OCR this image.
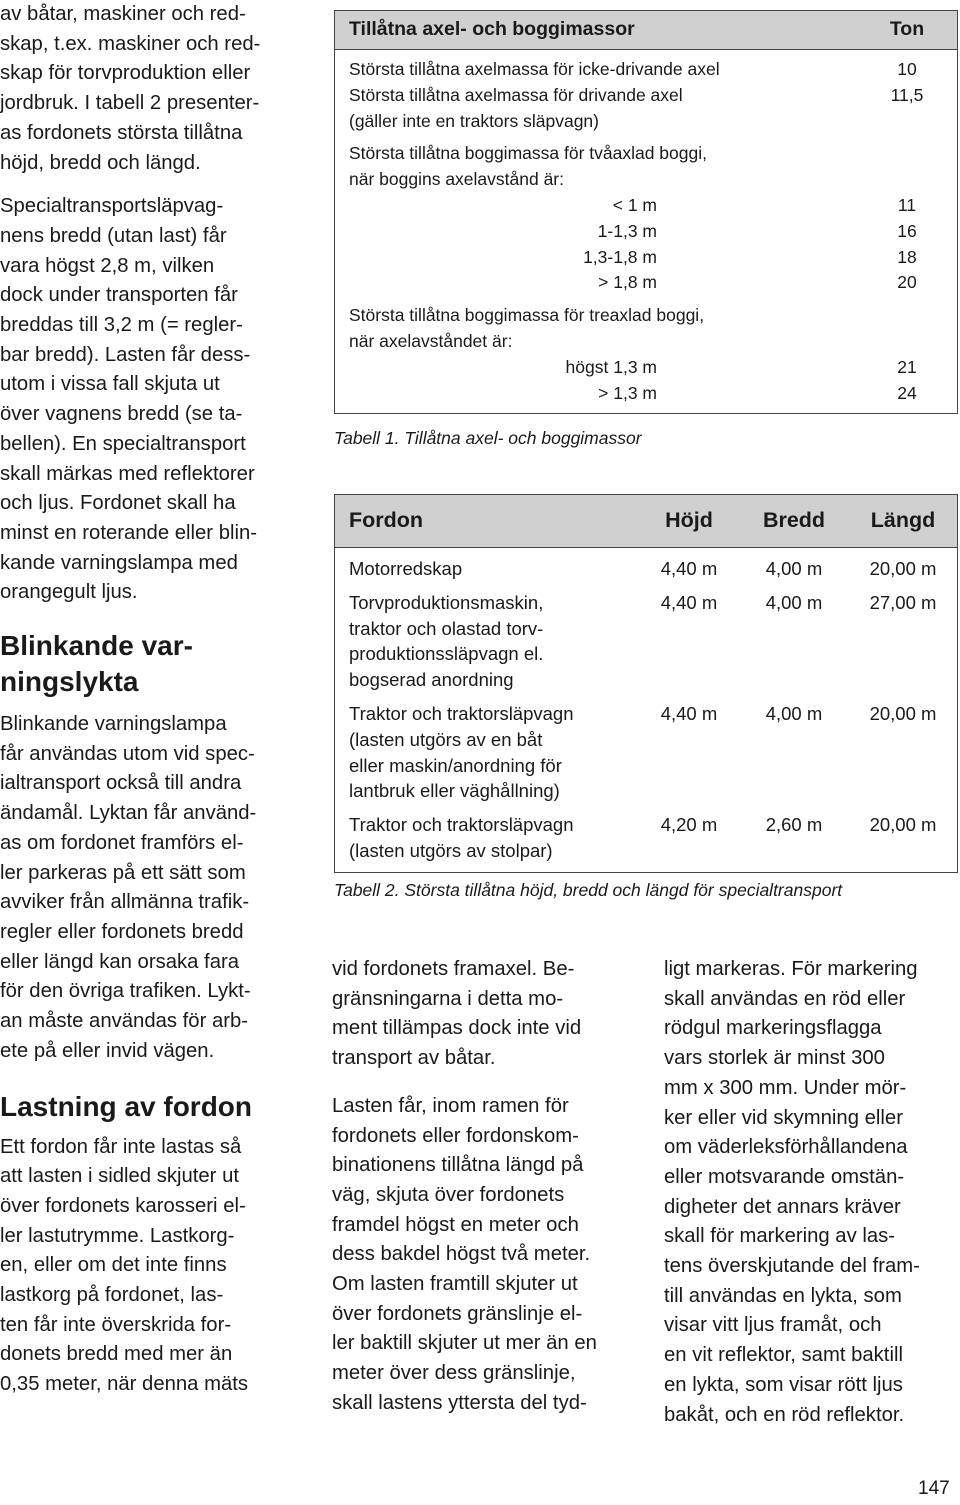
av båtar, maskiner och red-
skap, t.ex. maskiner och red-
skap för torvproduktion eller
jordbruk. I tabell 2 presenter-
as fordonets största tillåtna
höjd, bredd och längd.
Specialtransportsläpvag-
nens bredd (utan last) får
vara högst 2,8 m, vilken
dock under transporten får
breddas till 3,2 m (= regler-
bar bredd). Lasten får dess-
utom i vissa fall skjuta ut
över vagnens bredd (se ta-
bellen). En specialtransport
skall märkas med reflektorer
och ljus. Fordonet skall ha
minst en roterande eller blin-
kande varningslampa med
orangegult ljus.
Blinkande var-
ningslykta
Blinkande varningslampa
får användas utom vid spec-
ialtransport också till andra
ändamål. Lyktan får använd-
as om fordonet framförs el-
ler parkeras på ett sätt som
avviker från allmänna trafik-
regler eller fordonets bredd
eller längd kan orsaka fara
för den övriga trafiken. Lykt-
an måste användas för arb-
ete på eller invid vägen.
Lastning av fordon
Ett fordon får inte lastas så
att lasten i sidled skjuter ut
över fordonets karosseri el-
ler lastutrymme. Lastkorg-
en, eller om det inte finns
lastkorg på fordonet, las-
ten får inte överskrida for-
donets bredd med mer än
0,35 meter, när denna mäts
Tillåtna axel- och boggimassor	Ton
Största tillåtna axelmassa för icke-drivande axel	10
Största tillåtna axelmassa för drivande axel	11,5
(gäller inte en traktors släpvagn)
Största tillåtna boggimassa för tvåaxlad boggi,
när boggins axelavstånd är:
< 1 m	11
1-1,3 m	16
1,3-1,8 m	18
> 1,8 m	20
Största tillåtna boggimassa för treaxlad boggi,
när axelavståndet är:
högst 1,3 m	21
> 1,3 m	24
Tabell 1. Tillåtna axel- och boggimassor
Fordon	Höjd	Bredd	Längd
Motorredskap	4,40 m	4,00 m	20,00 m
Torvproduktionsmaskin,
traktor och olastad torv-
produktionssläpvagn el.
bogserad anordning
4,40 m	4,00 m	27,00 m
Traktor och traktorsläpvagn
(lasten utgörs av en båt
eller maskin/anordning för
lantbruk eller väghållning)
4,40 m	4,00 m	20,00 m
Traktor och traktorsläpvagn
(lasten utgörs av stolpar)
4,20 m	2,60 m	20,00 m
Tabell 2. Största tillåtna höjd, bredd och längd för specialtransport
vid fordonets framaxel. Be-
gränsningarna i detta mo-
ment tillämpas dock inte vid
transport av båtar.
Lasten får, inom ramen för
fordonets eller fordonskom-
binationens tillåtna längd på
väg, skjuta över fordonets
framdel högst en meter och
dess bakdel högst två meter.
Om lasten framtill skjuter ut
över fordonets gränslinje el-
ler baktill skjuter ut mer än en
meter över dess gränslinje,
skall lastens yttersta del tyd-
ligt markeras. För markering
skall användas en röd eller
rödgul markeringsflagga
vars storlek är minst 300
mm x 300 mm. Under mör-
ker eller vid skymning eller
om väderleksförhållandena
eller motsvarande omstän-
digheter det annars kräver
skall för markering av las-
tens överskjutande del fram-
till användas en lykta, som
visar vitt ljus framåt, och
en vit reflektor, samt baktill
en lykta, som visar rött ljus
bakåt, och en röd reflektor.
147
